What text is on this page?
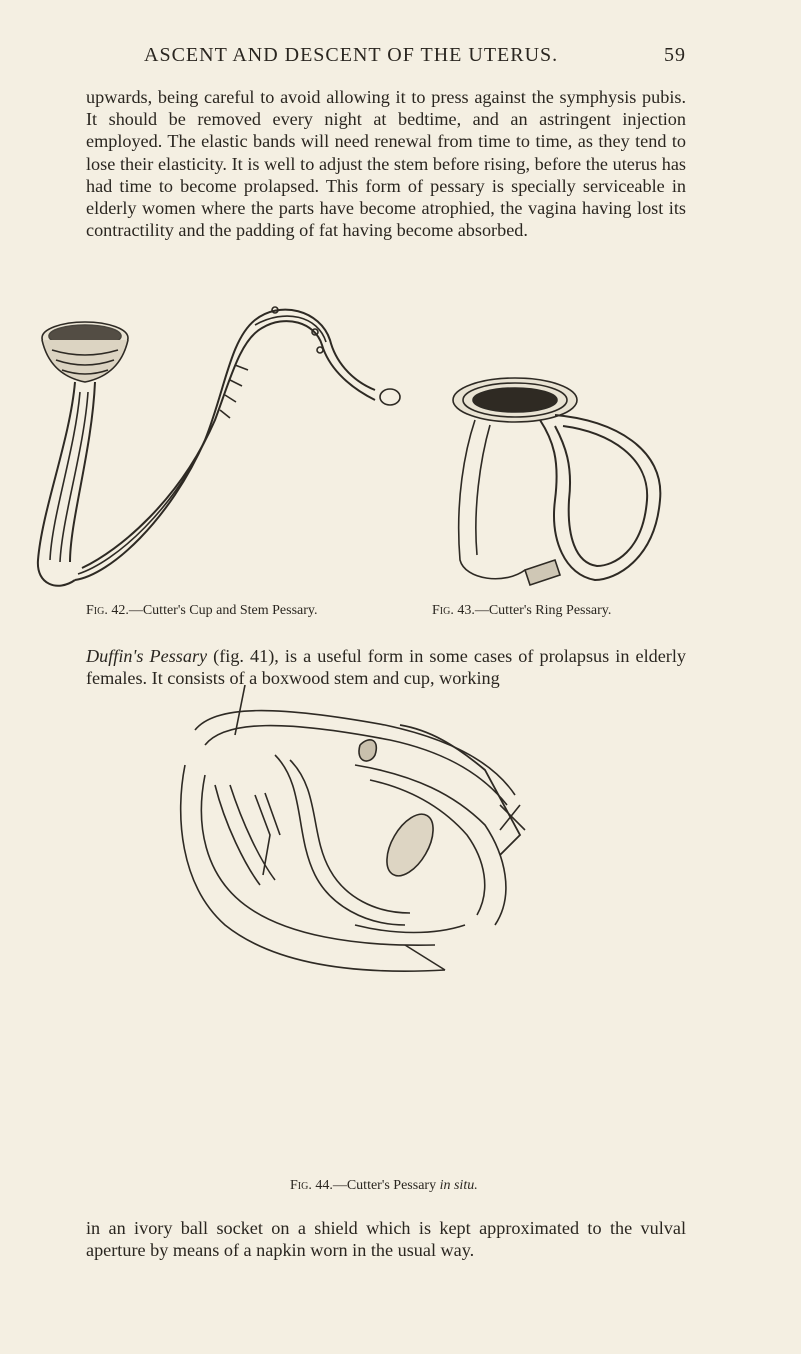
ASCENT AND DESCENT OF THE UTERUS.	59

upwards, being careful to avoid allowing it to press against the symphysis pubis. It should be removed every night at bedtime, and an astringent injection employed. The elastic bands will need renewal from time to time, as they tend to lose their elasticity. It is well to adjust the stem before rising, before the uterus has had time to become prolapsed. This form of pessary is specially serviceable in elderly women where the parts have become atrophied, the vagina having lost its contractility and the padding of fat having become absorbed.

Fig. 42.—Cutter's Cup and Stem Pessary.	Fig. 43.—Cutter's Ring Pessary.

Duffin's Pessary (fig. 41), is a useful form in some cases of prolapsus in elderly females. It consists of a boxwood stem and cup, working

Fig. 44.—Cutter's Pessary in situ.

in an ivory ball socket on a shield which is kept approximated to the vulval aperture by means of a napkin worn in the usual way.
